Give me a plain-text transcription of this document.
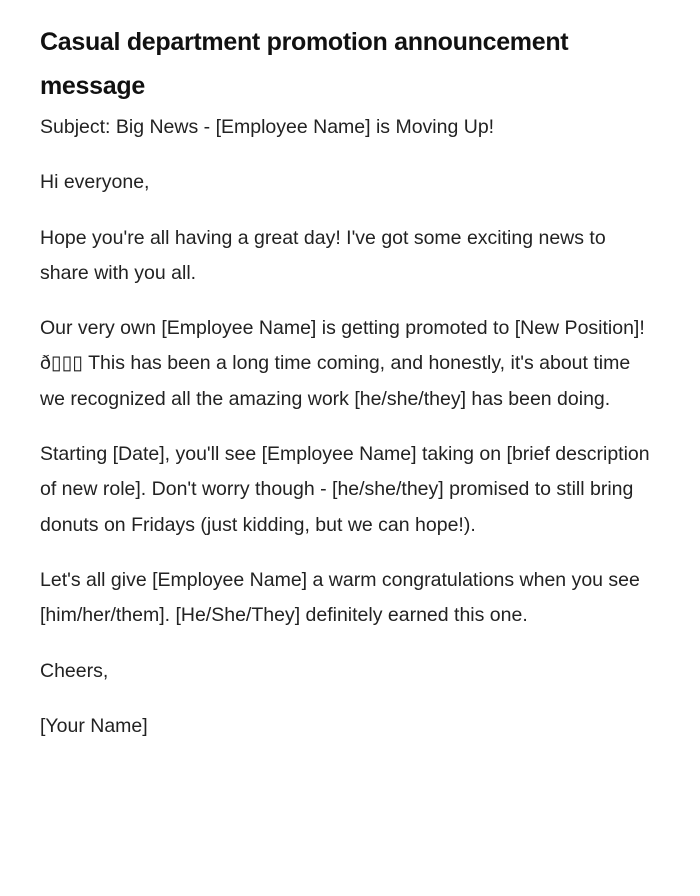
Casual department promotion announcement message

Subject: Big News - [Employee Name] is Moving Up!

Hi everyone,

Hope you're all having a great day! I've got some exciting news to share with you all.

Our very own [Employee Name] is getting promoted to [New Position]! ð▯▯▯ This has been a long time coming, and honestly, it's about time we recognized all the amazing work [he/she/they] has been doing.

Starting [Date], you'll see [Employee Name] taking on [brief description of new role]. Don't worry though - [he/she/they] promised to still bring donuts on Fridays (just kidding, but we can hope!).

Let's all give [Employee Name] a warm congratulations when you see [him/her/them]. [He/She/They] definitely earned this one.

Cheers,

[Your Name]
